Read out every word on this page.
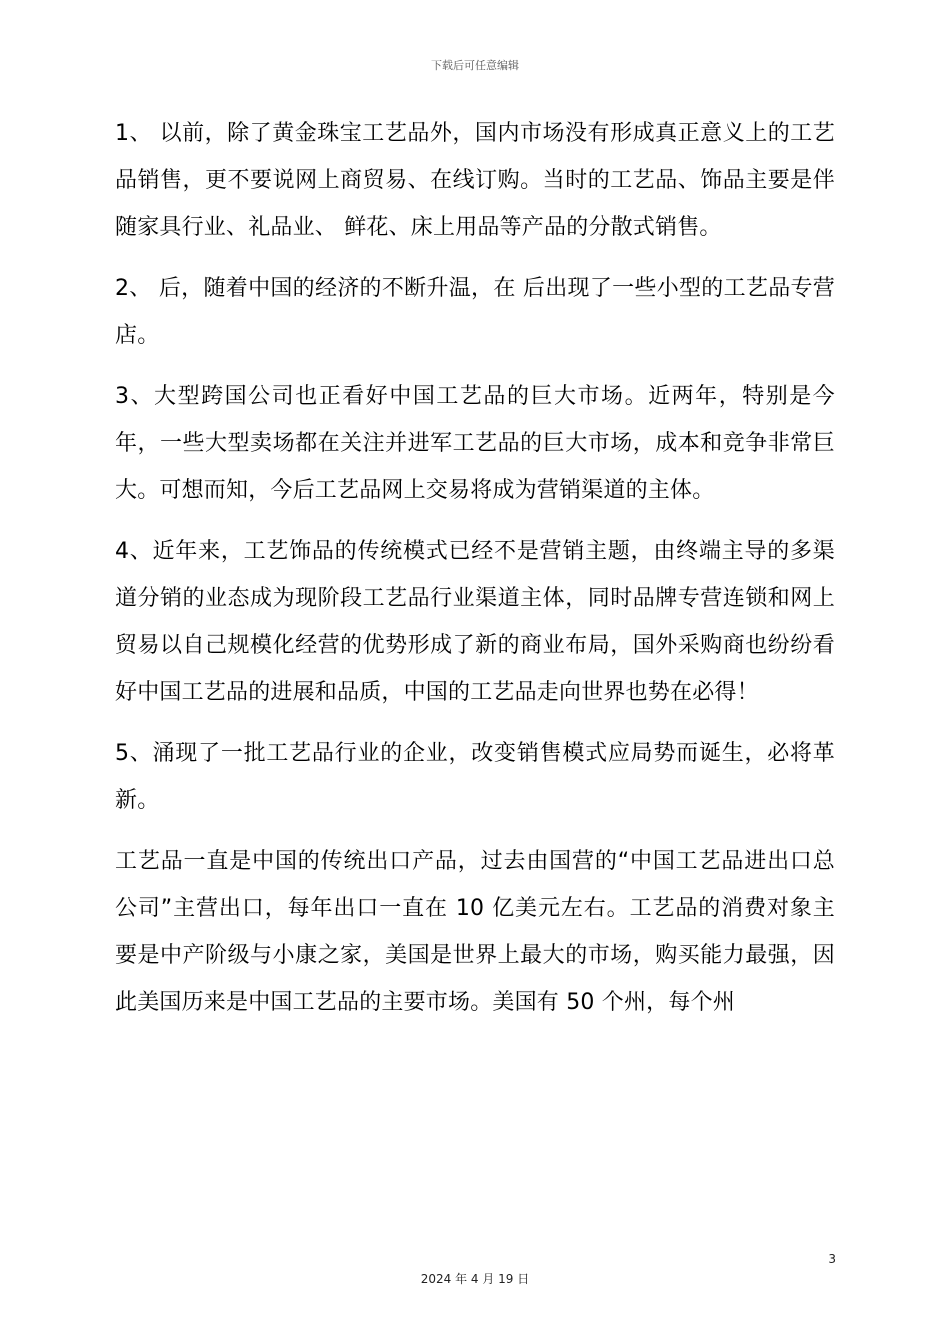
下载后可任意编辑

1、 以前，除了黄金珠宝工艺品外，国内市场没有形成真正意义上的工艺品销售，更不要说网上商贸易、在线订购。当时的工艺品、饰品主要是伴随家具行业、礼品业、 鲜花、床上用品等产品的分散式销售。

2、 后，随着中国的经济的不断升温，在 后出现了一些小型的工艺品专营店。

3、大型跨国公司也正看好中国工艺品的巨大市场。近两年，特别是今年，一些大型卖场都在关注并进军工艺品的巨大市场，成本和竞争非常巨大。可想而知，今后工艺品网上交易将成为营销渠道的主体。

4、近年来，工艺饰品的传统模式已经不是营销主题，由终端主导的多渠道分销的业态成为现阶段工艺品行业渠道主体，同时品牌专营连锁和网上贸易以自己规模化经营的优势形成了新的商业布局，国外采购商也纷纷看好中国工艺品的进展和品质，中国的工艺品走向世界也势在必得！

5、涌现了一批工艺品行业的企业，改变销售模式应局势而诞生，必将革新。

工艺品一直是中国的传统出口产品，过去由国营的“中国工艺品进出口总公司”主营出口，每年出口一直在 10 亿美元左右。工艺品的消费对象主要是中产阶级与小康之家，美国是世界上最大的市场，购买能力最强，因此美国历来是中国工艺品的主要市场。美国有 50 个州，每个州

3
2024 年 4 月 19 日
